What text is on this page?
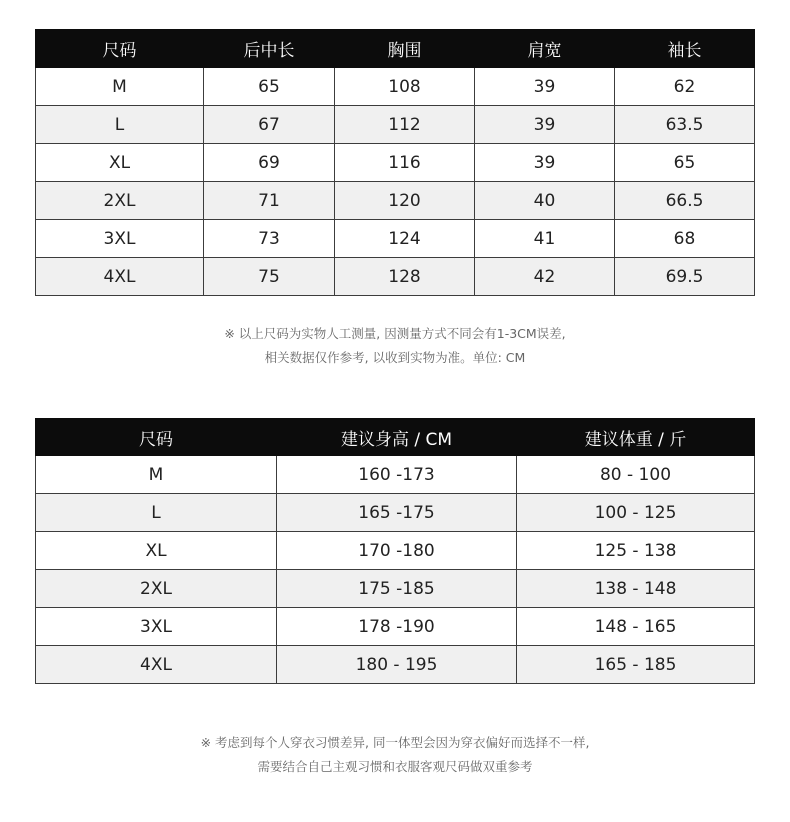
尺码	后中长	胸围	肩宽	袖长
M	65	108	39	62
L	67	112	39	63.5
XL	69	116	39	65
2XL	71	120	40	66.5
3XL	73	124	41	68
4XL	75	128	42	69.5
※ 以上尺码为实物人工测量, 因测量方式不同会有1-3CM误差,
相关数据仅作参考, 以收到实物为准。单位: CM
尺码	建议身高 / CM	建议体重 / 斤
M	160 -173	80 - 100
L	165 -175	100 - 125
XL	170 -180	125 - 138
2XL	175 -185	138 - 148
3XL	178 -190	148 - 165
4XL	180 - 195	165 - 185
※ 考虑到每个人穿衣习惯差异, 同一体型会因为穿衣偏好而选择不一样,
需要结合自己主观习惯和衣服客观尺码做双重参考
